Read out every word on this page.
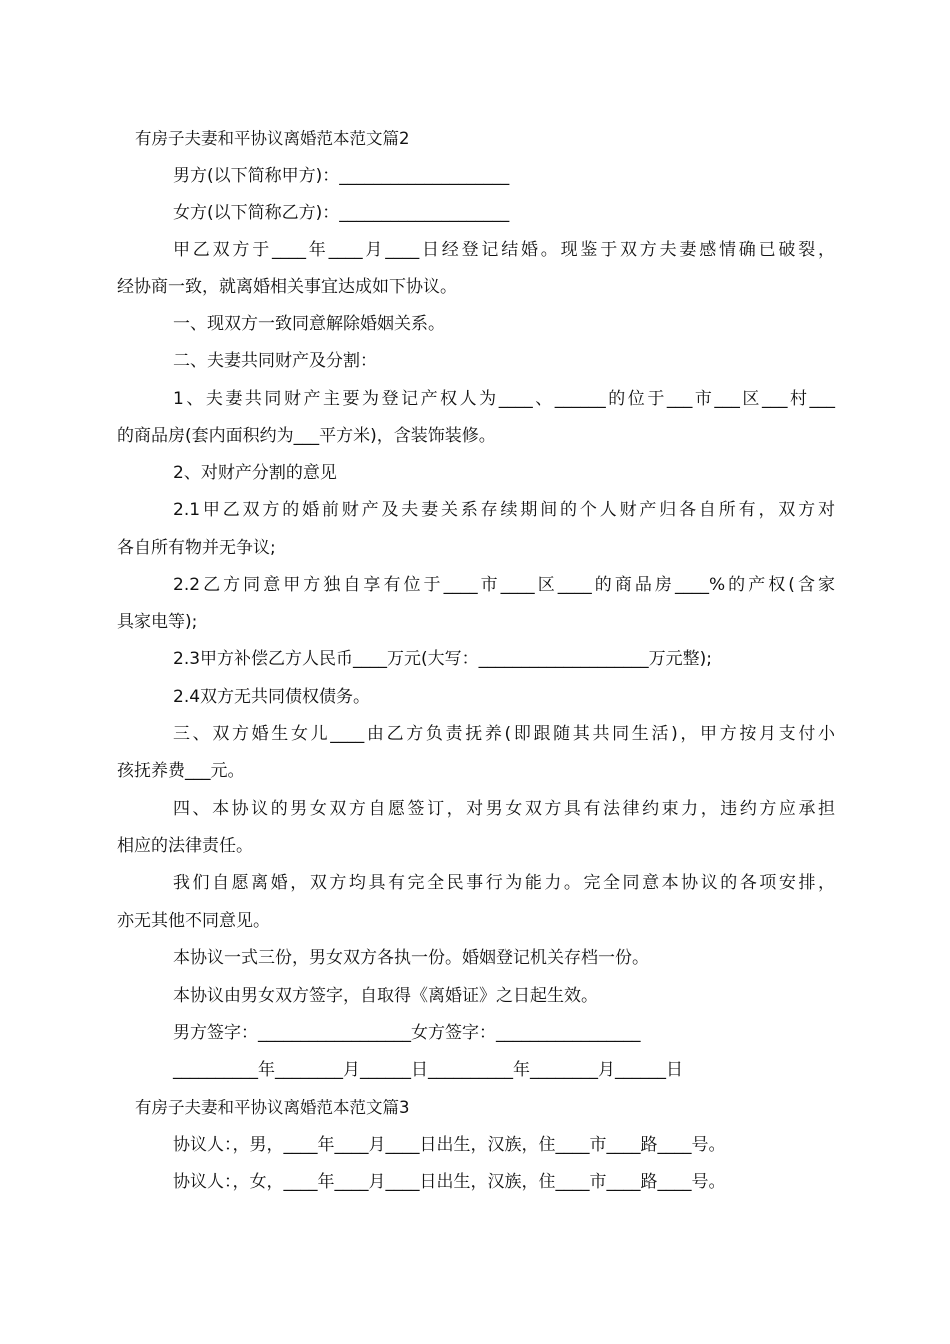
有房子夫妻和平协议离婚范本范文篇2
男方(以下简称甲方)：____________________
女方(以下简称乙方)：____________________
甲乙双方于____年____月____日经登记结婚。现鉴于双方夫妻感情确已破裂，
经协商一致，就离婚相关事宜达成如下协议。
一、现双方一致同意解除婚姻关系。
二、夫妻共同财产及分割：
1、夫妻共同财产主要为登记产权人为____、______的位于___市___区___村___
的商品房(套内面积约为___平方米)，含装饰装修。
2、对财产分割的意见
2.1甲乙双方的婚前财产及夫妻关系存续期间的个人财产归各自所有，双方对
各自所有物并无争议;
2.2乙方同意甲方独自享有位于____市____区____的商品房____%的产权(含家
具家电等);
2.3甲方补偿乙方人民币____万元(大写：____________________万元整);
2.4双方无共同债权债务。
三、双方婚生女儿____由乙方负责抚养(即跟随其共同生活)，甲方按月支付小
孩抚养费___元。
四、本协议的男女双方自愿签订，对男女双方具有法律约束力，违约方应承担
相应的法律责任。
我们自愿离婚，双方均具有完全民事行为能力。完全同意本协议的各项安排，
亦无其他不同意见。
本协议一式三份，男女双方各执一份。婚姻登记机关存档一份。
本协议由男女双方签字，自取得《离婚证》之日起生效。
男方签字：__________________女方签字：_________________
__________年________月______日__________年________月______日
有房子夫妻和平协议离婚范本范文篇3
协议人：，男，____年____月____日出生，汉族，住____市____路____号。
协议人：，女，____年____月____日出生，汉族，住____市____路____号。
